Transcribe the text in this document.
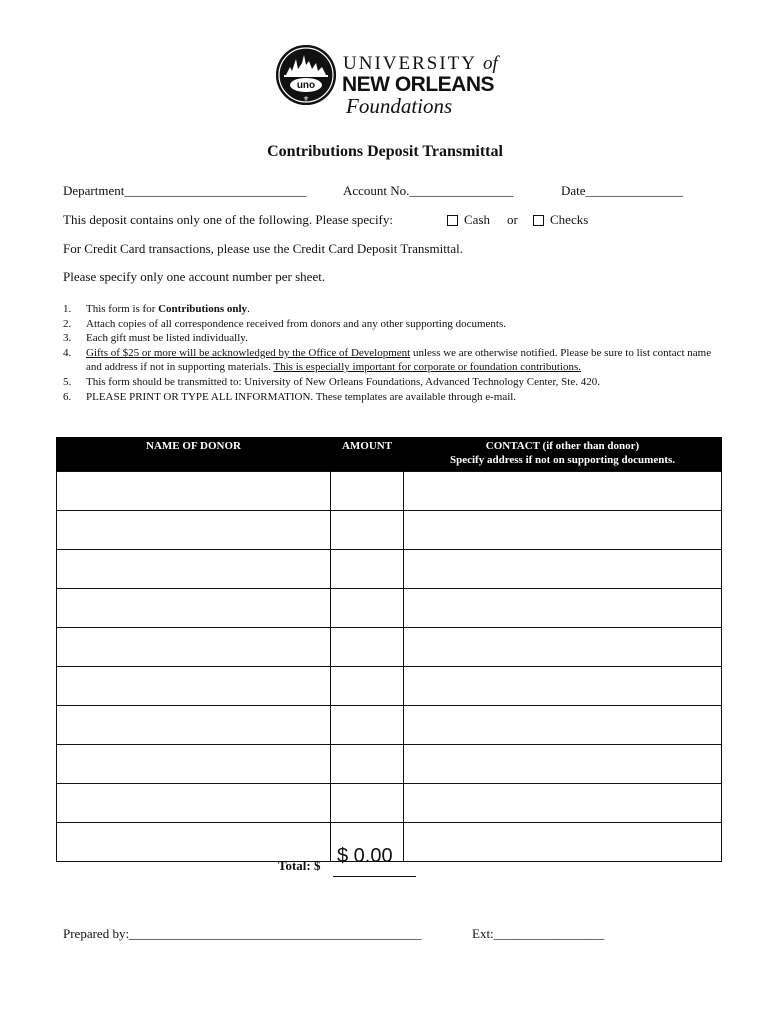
uno
⚜
UNIVERSITY of
NEW ORLEANS
Foundations
Contributions Deposit Transmittal
Department____________________________	Account No.________________	Date_______________
This deposit contains only one of the following. Please specify:	Cash or	Checks
For Credit Card transactions, please use the Credit Card Deposit Transmittal.
Please specify only one account number per sheet.
1.	This form is for Contributions only.
2.	Attach copies of all correspondence received from donors and any other supporting documents.
3.	Each gift must be listed individually.
4.	Gifts of $25 or more will be acknowledged by the Office of Development unless we are otherwise notified. Please be sure to list contact name and address if not in supporting materials. This is especially important for corporate or foundation contributions.
5.	This form should be transmitted to: University of New Orleans Foundations, Advanced Technology Center, Ste. 420.
6.	PLEASE PRINT OR TYPE ALL INFORMATION. These templates are available through e-mail.
NAME OF DONOR	AMOUNT	CONTACT (if other than donor)
Specify address if not on supporting documents.

Total: $ $ 0.00
Prepared by:_____________________________________________	Ext:_________________
